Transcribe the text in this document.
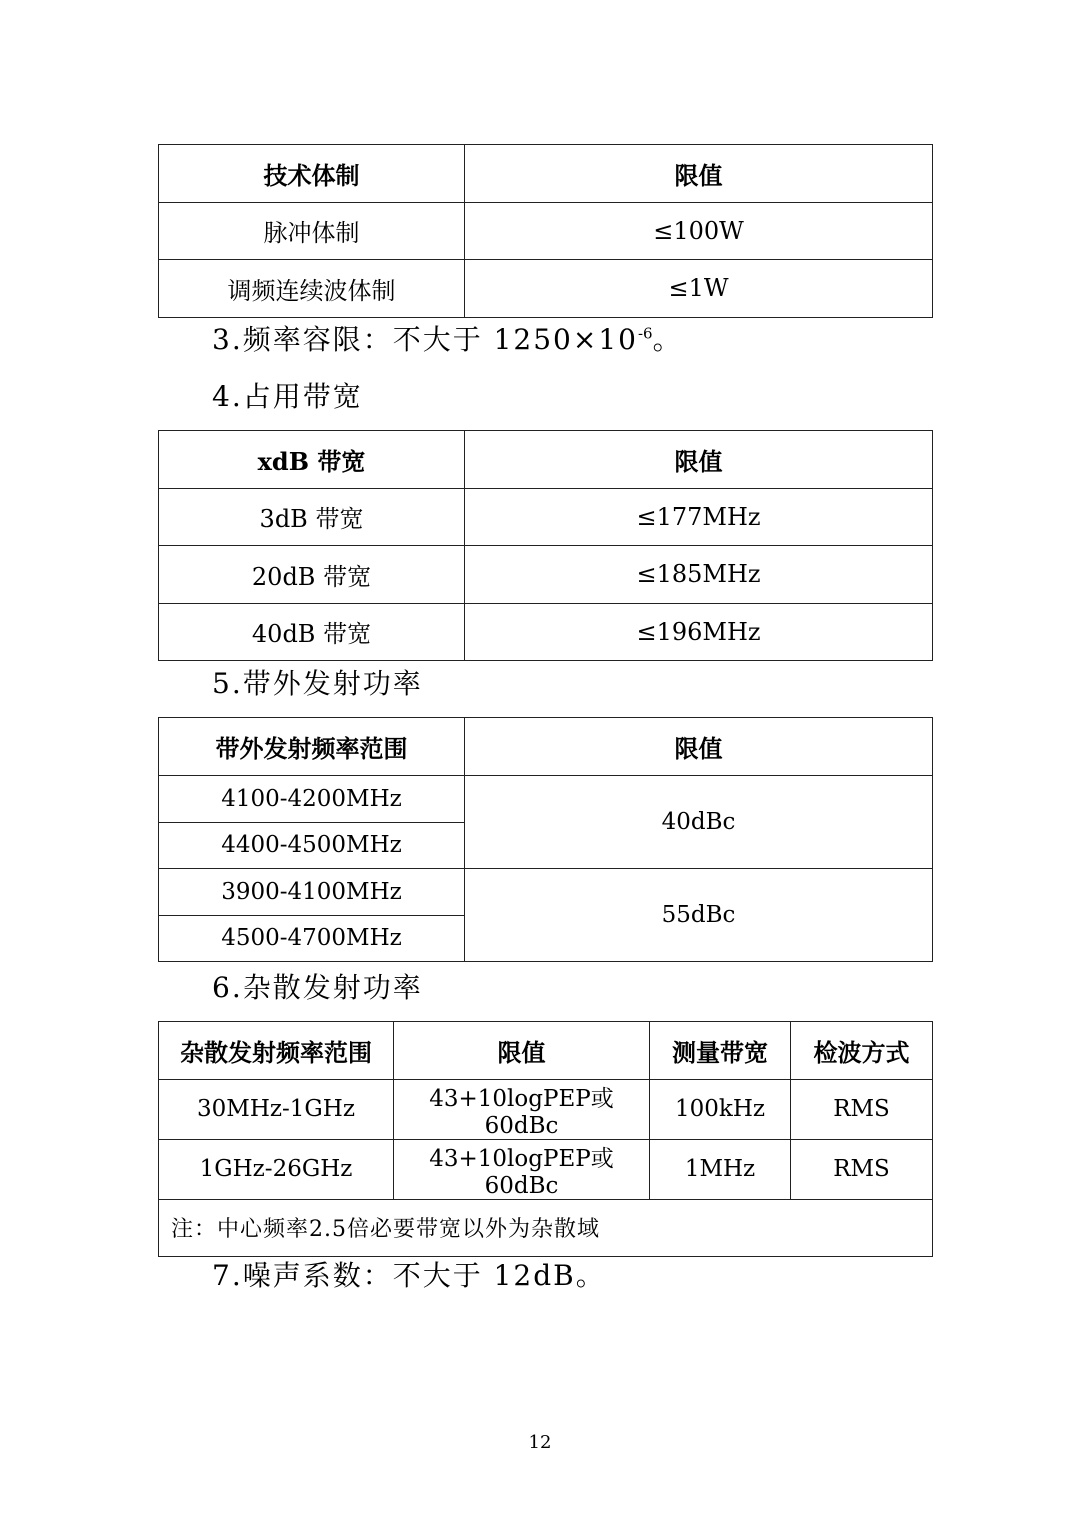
技术体制	限值
脉冲体制	≤100W
调频连续波体制	≤1W
3.频率容限：不大于 $1250\times 10^{-6}$。
4.占用带宽
xdB 带宽	限值
3dB 带宽	≤177MHz
20dB 带宽	≤185MHz
40dB 带宽	≤196MHz
5.带外发射功率
带外发射频率范围	限值
4100-4200MHz	40dBc
4400-4500MHz	
3900-4100MHz	55dBc
4500-4700MHz	
6.杂散发射功率
杂散发射频率范围	限值	测量带宽	检波方式
30MHz-1GHz	43+10logPEP或60dBc	100kHz	RMS
1GHz-26GHz	43+10logPEP或60dBc	1MHz	RMS
注：中心频率2.5倍必要带宽以外为杂散域			
7.噪声系数：不大于 12dB。
12
